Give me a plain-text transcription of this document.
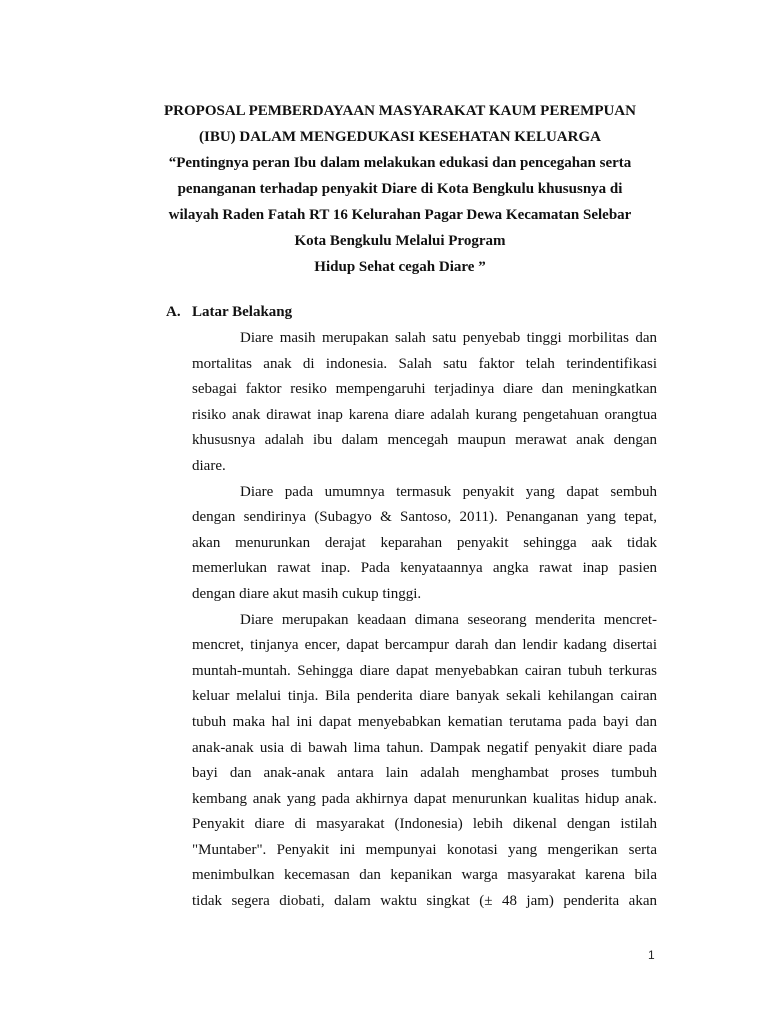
PROPOSAL PEMBERDAYAAN MASYARAKAT KAUM PEREMPUAN
(IBU) DALAM MENGEDUKASI KESEHATAN KELUARGA
“Pentingnya peran Ibu dalam melakukan edukasi dan pencegahan serta
penanganan terhadap penyakit Diare di Kota Bengkulu khususnya di
wilayah Raden Fatah RT 16 Kelurahan Pagar Dewa Kecamatan Selebar
Kota Bengkulu Melalui Program
Hidup Sehat cegah Diare ”
A. Latar Belakang
Diare masih merupakan salah satu penyebab tinggi morbilitas dan
mortalitas anak di indonesia. Salah satu faktor telah terindentifikasi
sebagai faktor resiko mempengaruhi terjadinya diare dan meningkatkan
risiko anak dirawat inap karena diare adalah kurang pengetahuan orangtua
khususnya adalah ibu dalam mencegah maupun merawat anak dengan
diare.
Diare pada umumnya termasuk penyakit yang dapat sembuh
dengan sendirinya (Subagyo & Santoso, 2011). Penanganan yang tepat,
akan menurunkan derajat keparahan penyakit sehingga aak tidak
memerlukan rawat inap. Pada kenyataannya angka rawat inap pasien
dengan diare akut masih cukup tinggi.
Diare merupakan keadaan dimana seseorang menderita mencret-
mencret, tinjanya encer, dapat bercampur darah dan lendir kadang disertai
muntah-muntah. Sehingga diare dapat menyebabkan cairan tubuh terkuras
keluar melalui tinja. Bila penderita diare banyak sekali kehilangan cairan
tubuh maka hal ini dapat menyebabkan kematian terutama pada bayi dan
anak-anak usia di bawah lima tahun. Dampak negatif penyakit diare pada
bayi dan anak-anak antara lain adalah menghambat proses tumbuh
kembang anak yang pada akhirnya dapat menurunkan kualitas hidup anak.
Penyakit diare di masyarakat (Indonesia) lebih dikenal dengan istilah
"Muntaber". Penyakit ini mempunyai konotasi yang mengerikan serta
menimbulkan kecemasan dan kepanikan warga masyarakat karena bila
tidak segera diobati, dalam waktu singkat (± 48 jam) penderita akan
1
